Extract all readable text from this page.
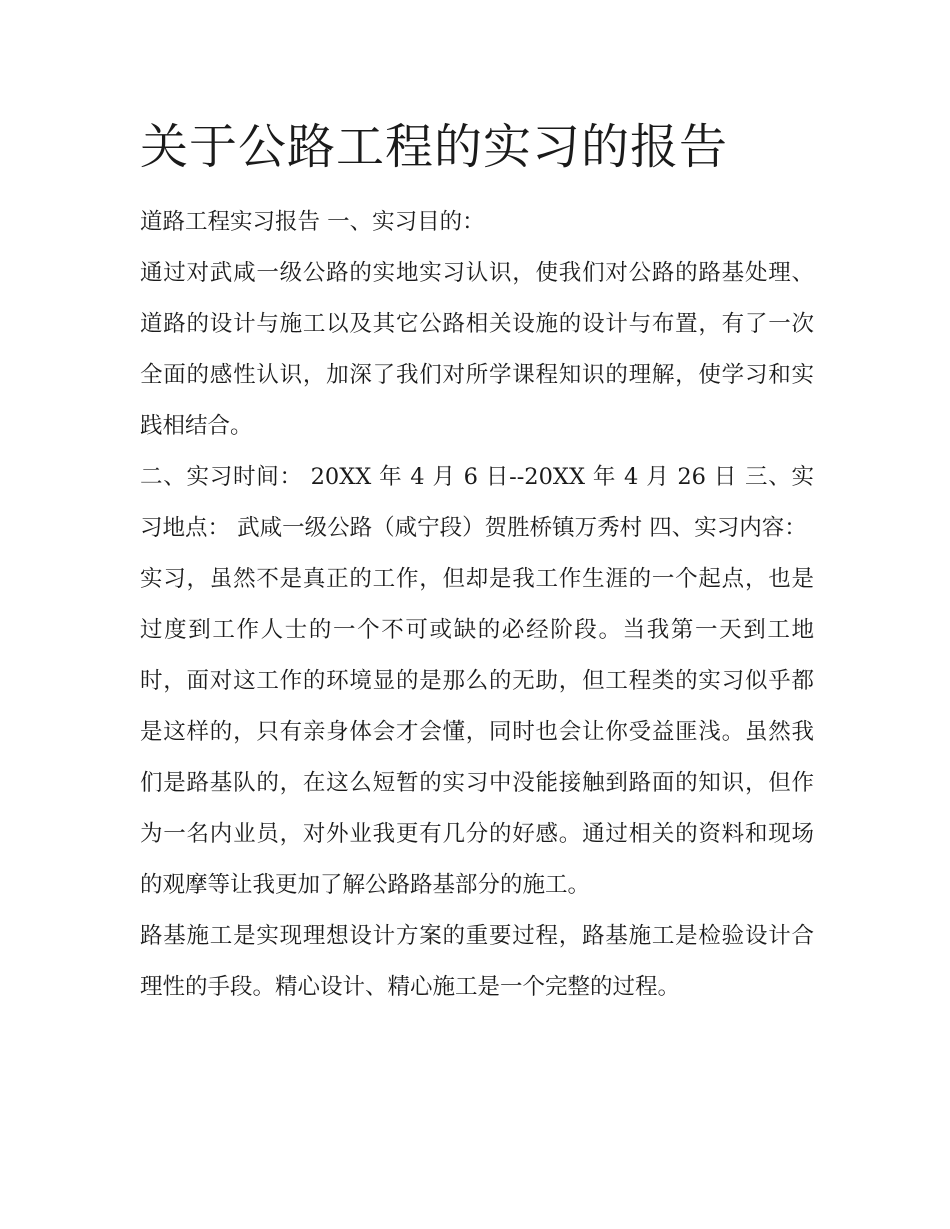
关于公路工程的实习的报告

道路工程实习报告 一、实习目的：

通过对武咸一级公路的实地实习认识，使我们对公路的路基处理、道路的设计与施工以及其它公路相关设施的设计与布置，有了一次全面的感性认识，加深了我们对所学课程知识的理解，使学习和实践相结合。

二、实习时间： 20XX 年 4 月 6 日--20XX 年 4 月 26 日 三、实习地点： 武咸一级公路（咸宁段）贺胜桥镇万秀村 四、实习内容：

实习，虽然不是真正的工作，但却是我工作生涯的一个起点，也是过度到工作人士的一个不可或缺的必经阶段。当我第一天到工地时，面对这工作的环境显的是那么的无助，但工程类的实习似乎都是这样的，只有亲身体会才会懂，同时也会让你受益匪浅。虽然我们是路基队的，在这么短暂的实习中没能接触到路面的知识，但作为一名内业员，对外业我更有几分的好感。通过相关的资料和现场的观摩等让我更加了解公路路基部分的施工。

路基施工是实现理想设计方案的重要过程，路基施工是检验设计合理性的手段。精心设计、精心施工是一个完整的过程。
